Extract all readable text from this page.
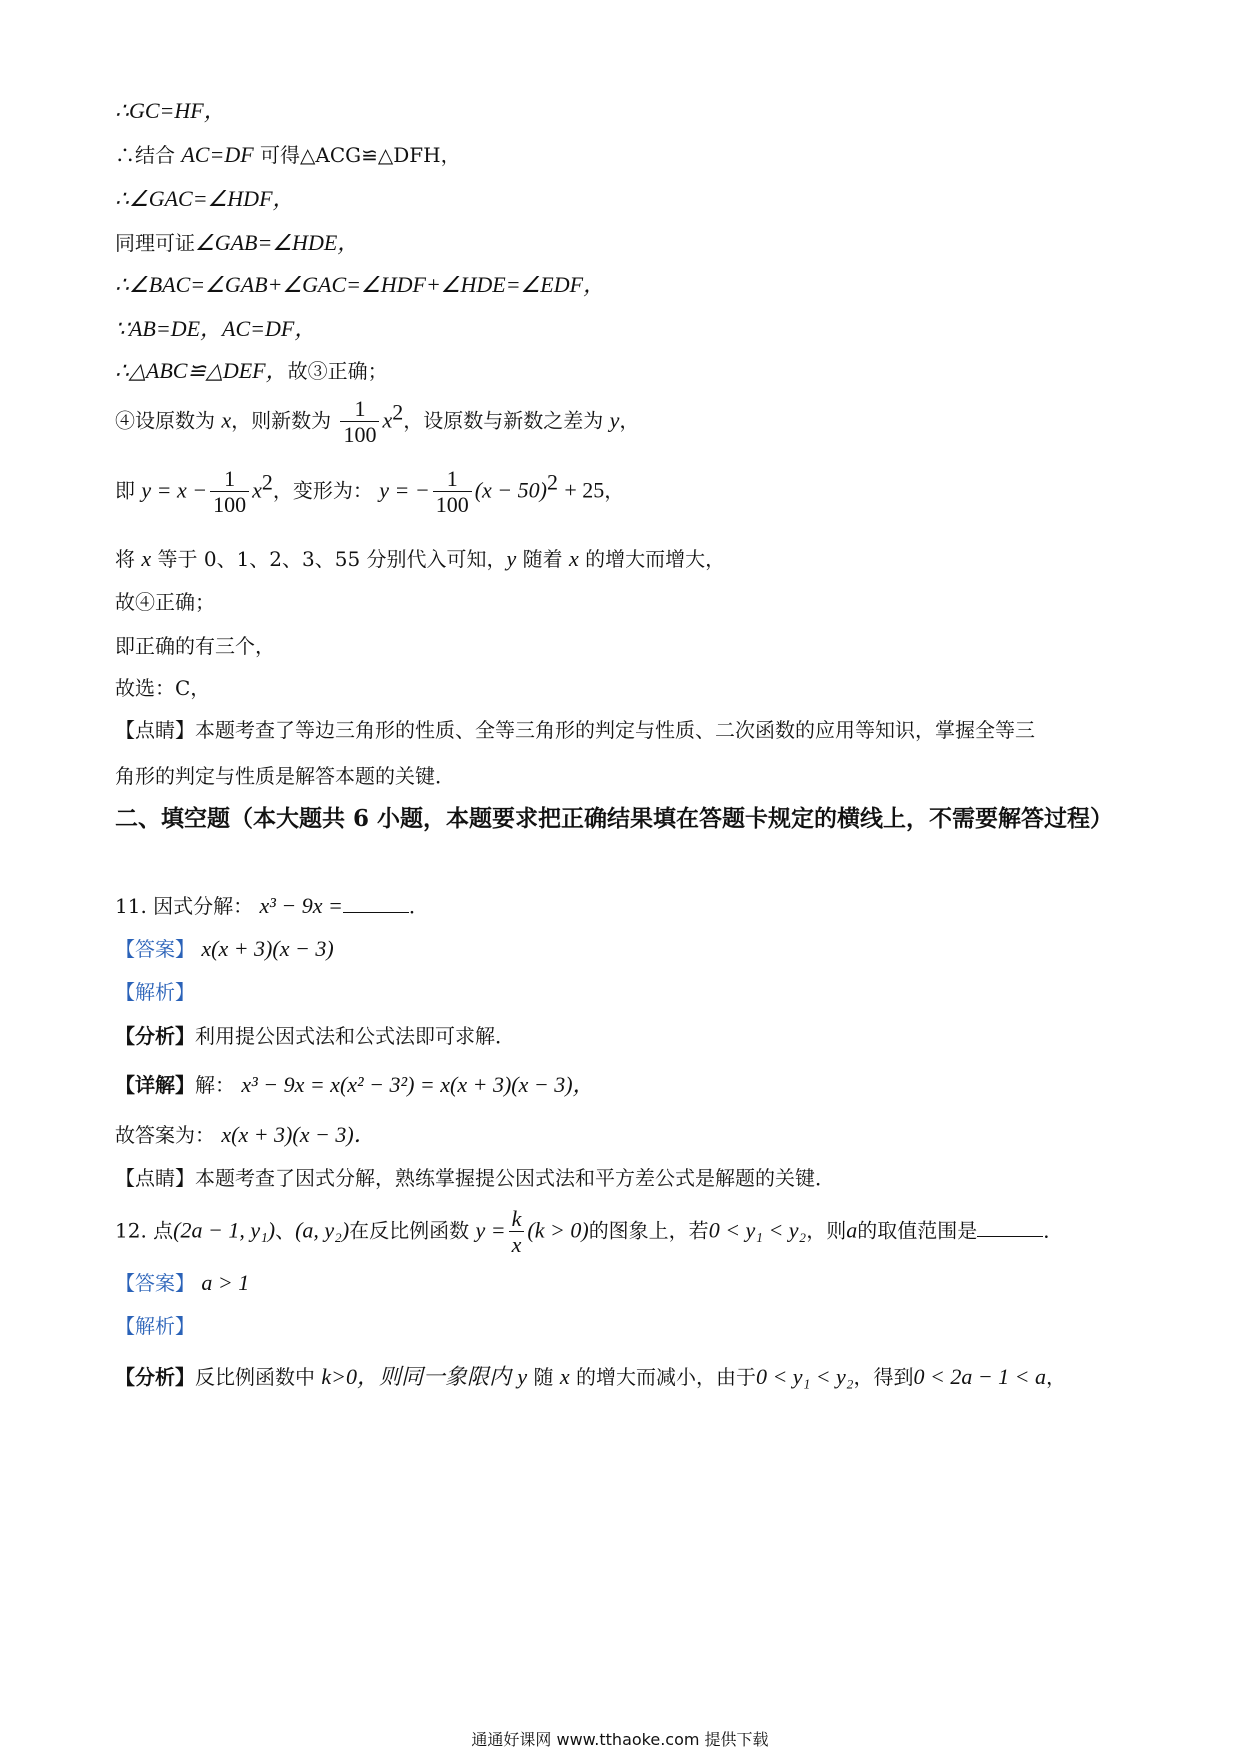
∴GC=HF，
∴结合 AC=DF 可得△ACG≌△DFH，
∴∠GAC=∠HDF，
同理可证∠GAB=∠HDE，
∴∠BAC=∠GAB+∠GAC=∠HDF+∠HDE=∠EDF，
∵AB=DE，AC=DF，
∴△ABC≌△DEF，故③正确；
④设原数为 x，则新数为 $\frac{1}{100} x^2$，设原数与新数之差为 y，
即 $y = x - \frac{1}{100} x^2$，变形为： y = − $\frac{1}{100} (x - 50)^2 + 25$，
将 x 等于 0、1、2、3、55 分别代入可知，y 随着 x 的增大而增大，
故④正确；
即正确的有三个，
故选：C，
【点睛】本题考查了等边三角形的性质、全等三角形的判定与性质、二次函数的应用等知识，掌握全等三
角形的判定与性质是解答本题的关键．
二、填空题（本大题共 6 小题，本题要求把正确结果填在答题卡规定的横线上，不需要解答过程）
11. 因式分解： x³ − 9x =	．
【答案】 x(x + 3)(x − 3)
【解析】
【分析】利用提公因式法和公式法即可求解．
【详解】解： x³ − 9x = x(x² − 3²) = x(x + 3)(x − 3)，
故答案为： x(x + 3)(x − 3)．
【点睛】本题考查了因式分解，熟练掌握提公因式法和平方差公式是解题的关键．
12. 点(2a − 1, y₁)、(a, y₂)在反比例函数 $y = \frac{k}{x} (k > 0)$的图象上，若0 < y₁ < y₂，则a的取值范围是	．
【答案】 a > 1
【解析】
【分析】反比例函数中 k>0，则同一象限内 y 随 x 的增大而减小，由于0 < y₁ < y₂，得到0 < 2a − 1 < a，
通通好课网 www.tthaoke.com 提供下载
